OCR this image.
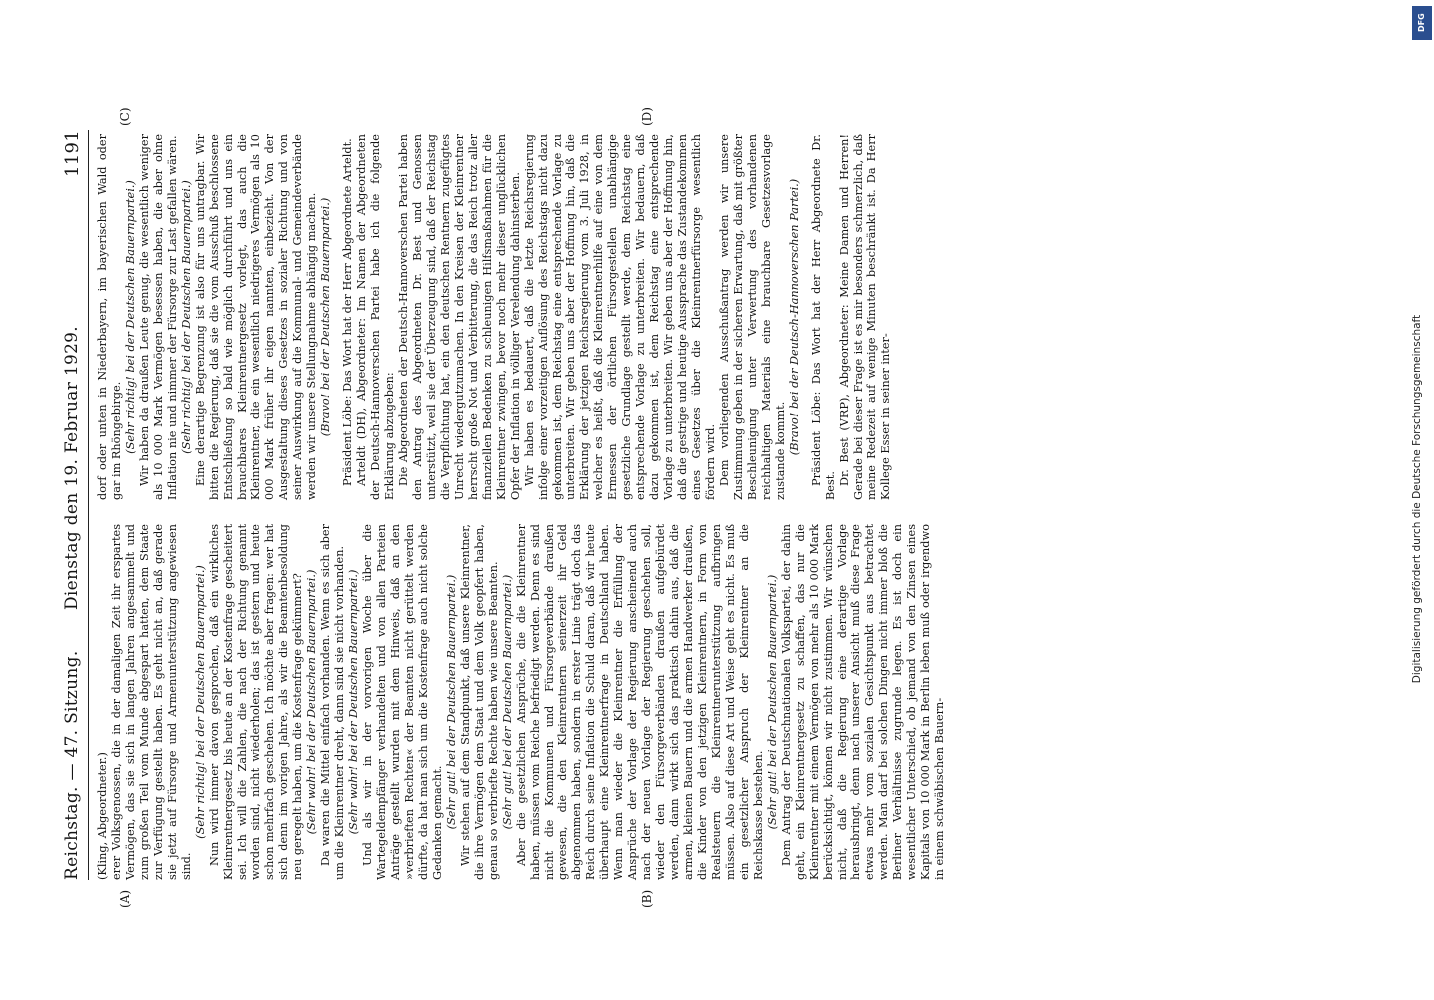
Reichstag. — 47. Sitzung.
Dienstag den 19. Februar 1929.
1191
(A)	(B)
(C)	(D)

(Kling, Abgeordneter.) erer Volksgenossen, die in der damaligen Zeit ihr erspartes Vermögen, das sie sich in langen Jahren angesammelt und zum großen Teil vom Munde abgespart hatten, dem Staate zur Verfügung gestellt haben. Es geht nicht an, daß gerade sie jetzt auf Fürsorge und Armenunterstützung angewiesen sind.

(Sehr richtig! bei der Deutschen Bauernpartei.) Nun wird immer davon gesprochen, daß ein wirkliches Kleinrentnergesetz bis heute an der Kostenfrage gescheitert sei. Ich will die Zahlen, die nach der Richtung genannt worden sind, nicht wiederholen; das ist gestern und heute schon mehrfach geschehen. Ich möchte aber fragen: wer hat sich denn im vorigen Jahre, als wir die Beamtenbesoldung neu geregelt haben, um die Kostenfrage gekümmert? (Sehr wahr! bei der Deutschen Bauernpartei.) Da waren die Mittel einfach vorhanden. Wenn es sich aber um die Kleinrentner dreht, dann sind sie nicht vorhanden. (Sehr wahr! bei der Deutschen Bauernpartei.) Und als wir in der vorvorigen Woche über die Wartegeldempfänger verhandelten und von allen Parteien Anträge gestellt wurden mit dem Hinweis, daß an den »verbrieften Rechten« der Beamten nicht gerüttelt werden dürfte, da hat man sich um die Kostenfrage auch nicht solche Gedanken gemacht. (Sehr gut! bei der Deutschen Bauernpartei.) Wir stehen auf dem Standpunkt, daß unsere Kleinrentner, die ihre Vermögen dem Staat und dem Volk geopfert haben, genau so verbriefte Rechte haben wie unsere Beamten. (Sehr gut! bei der Deutschen Bauernpartei.) Aber die gesetzlichen Ansprüche, die die Kleinrentner haben, müssen vom Reiche befriedigt werden. Denn es sind nicht die Kommunen und Fürsorgeverbände draußen gewesen, die den Kleinrentnern seinerzeit ihr Geld abgenommen haben, sondern in erster Linie trägt doch das Reich durch seine Inflation die Schuld daran, daß wir heute überhaupt eine Kleinrentnerfrage in Deutschland haben. Wenn man wieder die Kleinrentner die Erfüllung der Ansprüche der Vorlage der Regierung anscheinend auch nach der neuen Vorlage der Regierung geschehen soll, wieder den Fürsorgeverbänden draußen aufgebürdet werden, dann wirkt sich das praktisch dahin aus, daß die armen, kleinen Bauern und die armen Handwerker draußen, die Kinder von den jetzigen Kleinrentnern, in Form von Realsteuern die Kleinrentnerunterstützung aufbringen müssen. Also auf diese Art und Weise geht es nicht. Es muß ein gesetzlicher Anspruch der Kleinrentner an die Reichskasse bestehen. (Sehr gut! bei der Deutschen Bauernpartei.) Dem Antrag der Deutschnationalen Volkspartei, der dahin geht, ein Kleinrentnergesetz zu schaffen, das nur die Kleinrentner mit einem Vermögen von mehr als 10 000 Mark berücksichtigt, können wir nicht zustimmen. Wir wünschen nicht, daß die Regierung eine derartige Vorlage herausbringt, denn nach unserer Ansicht muß diese Frage etwas mehr vom sozialen Gesichtspunkt aus betrachtet werden. Man darf bei solchen Dingen nicht immer bloß die Berliner Verhältnisse zugrunde legen. Es ist doch ein wesentlicher Unterschied, ob jemand von den Zinsen eines Kapitals von 10 000 Mark in Berlin leben muß oder irgendwo in einem schwäbischen Bauern-

dorf oder unten in Niederbayern, im bayerischen Wald oder gar im Rhöngebirge. (Sehr richtig! bei der Deutschen Bauernpartei.) Wir haben da draußen Leute genug, die wesentlich weniger als 10 000 Mark Vermögen besessen haben, die aber ohne Inflation nie und nimmer der Fürsorge zur Last gefallen wären. (Sehr richtig! bei der Deutschen Bauernpartei.) Eine derartige Begrenzung ist also für uns untragbar. Wir bitten die Regierung, daß sie die vom Ausschuß beschlossene Entschließung so bald wie möglich durchführt und uns ein brauchbares Kleinrentnergesetz vorlegt, das auch die Kleinrentner, die ein wesentlich niedrigeres Vermögen als 10 000 Mark früher ihr eigen nannten, einbezieht. Von der Ausgestaltung dieses Gesetzes in sozialer Richtung und von seiner Auswirkung auf die Kommunal- und Gemeindeverbände werden wir unsere Stellungnahme abhängig machen. (Bravo! bei der Deutschen Bauernpartei.) Präsident Löbe: Das Wort hat der Herr Abgeordnete Arteldt. Arteldt (DH), Abgeordneter: Im Namen der Abgeordneten der Deutsch-Hannoverschen Partei habe ich die folgende Erklärung abzugeben: Die Abgeordneten der Deutsch-Hannoverschen Partei haben den Antrag des Abgeordneten Dr. Best und Genossen unterstützt, weil sie der Überzeugung sind, daß der Reichstag die Verpflichtung hat, ein den deutschen Rentnern zugefügtes Unrecht wiedergutzumachen. In den Kreisen der Kleinrentner herrscht große Not und Verbitterung, die das Reich trotz aller finanziellen Bedenken zu schleunigen Hilfsmaßnahmen für die Kleinrentner zwingen, bevor noch mehr dieser unglücklichen Opfer der Inflation in völliger Verelendung dahinsterben. Wir haben es bedauert, daß die letzte Reichsregierung infolge einer vorzeitigen Auflösung des Reichstags nicht dazu gekommen ist, dem Reichstag eine entsprechende Vorlage zu unterbreiten. Wir geben uns aber der Hoffnung hin, daß die Erklärung der jetzigen Reichsregierung vom 3. Juli 1928, in welcher es heißt, daß die Kleinrentnerhilfe auf eine von dem Ermessen der örtlichen Fürsorgestellen unabhängige gesetzliche Grundlage gestellt werde, dem Reichstag eine entsprechende Vorlage zu unterbreiten. Wir bedauern, daß dazu gekommen ist, dem Reichstag eine entsprechende Vorlage zu unterbreiten. Wir geben uns aber der Hoffnung hin, daß die gestrige und heutige Aussprache das Zustandekommen eines Gesetzes über die Kleinrentnerfürsorge wesentlich fördern wird. Dem vorliegenden Ausschußantrag werden wir unsere Zustimmung geben in der sicheren Erwartung, daß mit größter Beschleunigung unter Verwertung des vorhandenen reichhaltigen Materials eine brauchbare Gesetzesvorlage zustande kommt. (Bravo! bei der Deutsch-Hannoverschen Partei.) Präsident Löbe: Das Wort hat der Herr Abgeordnete Dr. Best. Dr. Best (VRP), Abgeordneter: Meine Damen und Herren! Gerade bei dieser Frage ist es mir besonders schmerzlich, daß meine Redezeit auf wenige Minuten beschränkt ist. Da Herr Kollege Esser in seiner inter-	Digitalisierung gefördert durch die Deutsche Forschungsgemeinschaft
DFG
